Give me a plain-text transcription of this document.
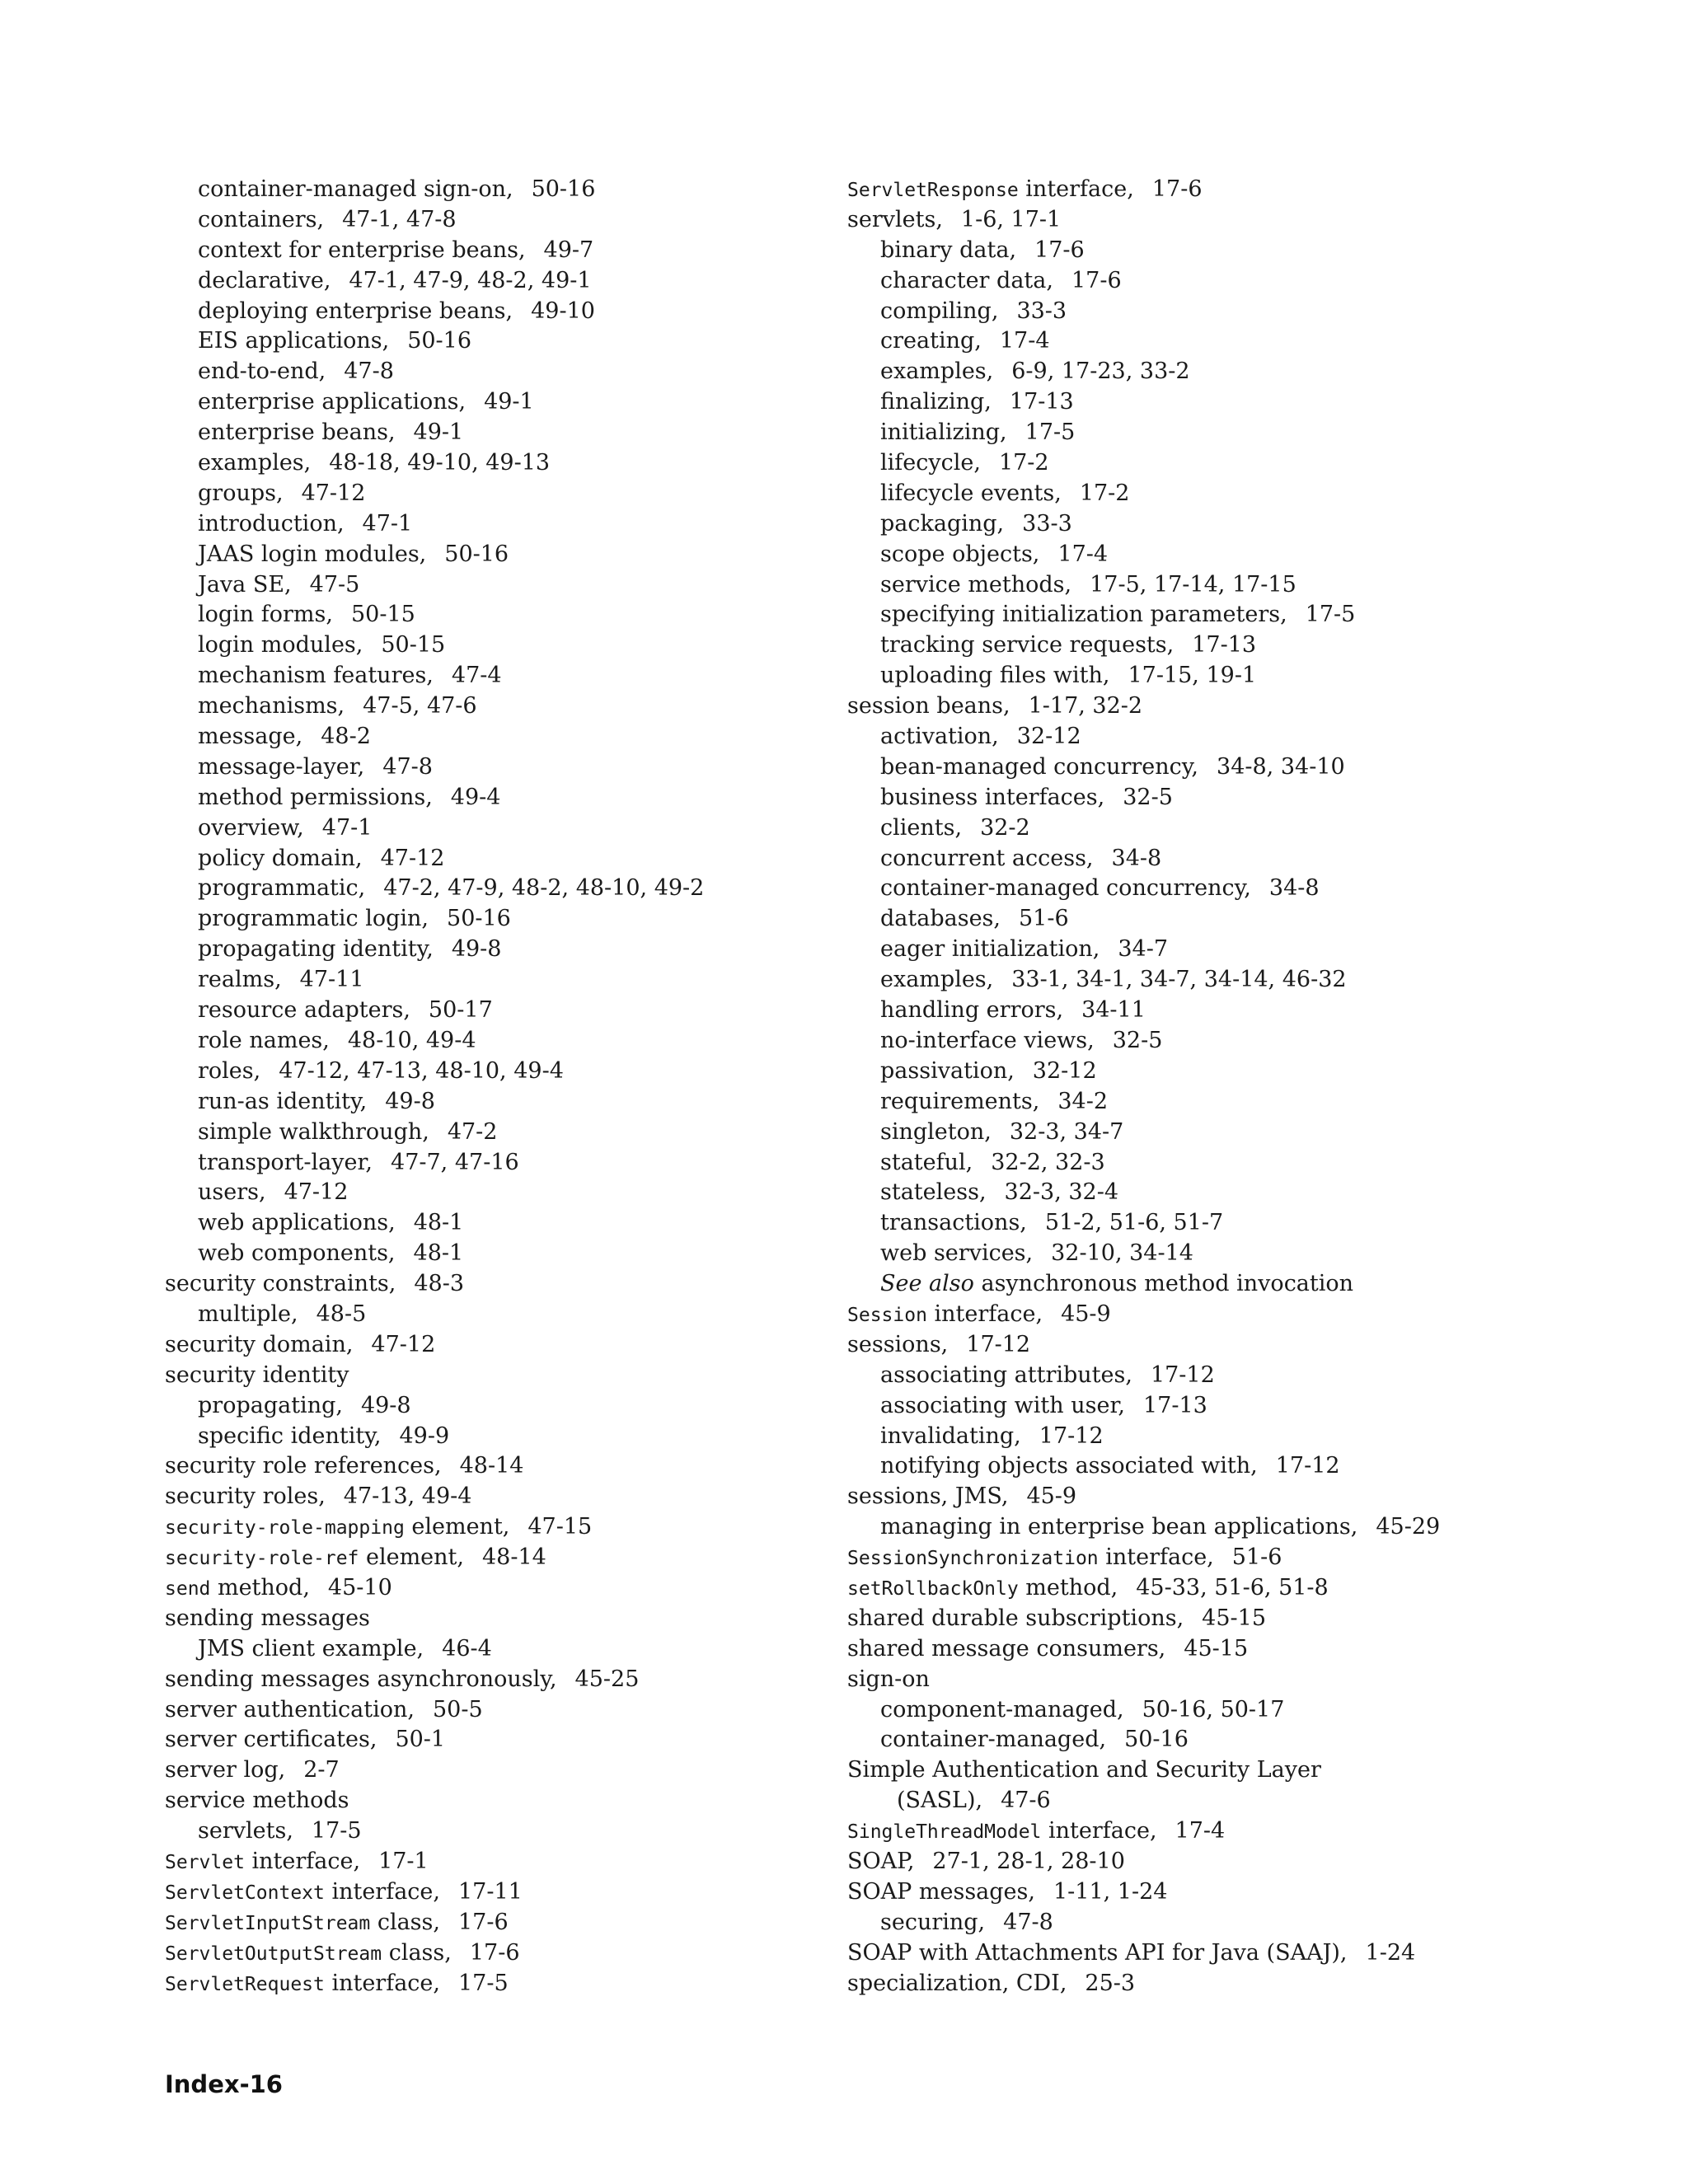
container-managed sign-on, 50-16
containers, 47-1, 47-8
context for enterprise beans, 49-7
declarative, 47-1, 47-9, 48-2, 49-1
deploying enterprise beans, 49-10
EIS applications, 50-16
end-to-end, 47-8
enterprise applications, 49-1
enterprise beans, 49-1
examples, 48-18, 49-10, 49-13
groups, 47-12
introduction, 47-1
JAAS login modules, 50-16
Java SE, 47-5
login forms, 50-15
login modules, 50-15
mechanism features, 47-4
mechanisms, 47-5, 47-6
message, 48-2
message-layer, 47-8
method permissions, 49-4
overview, 47-1
policy domain, 47-12
programmatic, 47-2, 47-9, 48-2, 48-10, 49-2
programmatic login, 50-16
propagating identity, 49-8
realms, 47-11
resource adapters, 50-17
role names, 48-10, 49-4
roles, 47-12, 47-13, 48-10, 49-4
run-as identity, 49-8
simple walkthrough, 47-2
transport-layer, 47-7, 47-16
users, 47-12
web applications, 48-1
web components, 48-1
security constraints, 48-3
multiple, 48-5
security domain, 47-12
security identity
propagating, 49-8
specific identity, 49-9
security role references, 48-14
security roles, 47-13, 49-4
security-role-mapping element, 47-15
security-role-ref element, 48-14
send method, 45-10
sending messages
JMS client example, 46-4
sending messages asynchronously, 45-25
server authentication, 50-5
server certificates, 50-1
server log, 2-7
service methods
servlets, 17-5
Servlet interface, 17-1
ServletContext interface, 17-11
ServletInputStream class, 17-6
ServletOutputStream class, 17-6
ServletRequest interface, 17-5
ServletResponse interface, 17-6
servlets, 1-6, 17-1
binary data, 17-6
character data, 17-6
compiling, 33-3
creating, 17-4
examples, 6-9, 17-23, 33-2
finalizing, 17-13
initializing, 17-5
lifecycle, 17-2
lifecycle events, 17-2
packaging, 33-3
scope objects, 17-4
service methods, 17-5, 17-14, 17-15
specifying initialization parameters, 17-5
tracking service requests, 17-13
uploading files with, 17-15, 19-1
session beans, 1-17, 32-2
activation, 32-12
bean-managed concurrency, 34-8, 34-10
business interfaces, 32-5
clients, 32-2
concurrent access, 34-8
container-managed concurrency, 34-8
databases, 51-6
eager initialization, 34-7
examples, 33-1, 34-1, 34-7, 34-14, 46-32
handling errors, 34-11
no-interface views, 32-5
passivation, 32-12
requirements, 34-2
singleton, 32-3, 34-7
stateful, 32-2, 32-3
stateless, 32-3, 32-4
transactions, 51-2, 51-6, 51-7
web services, 32-10, 34-14
See also asynchronous method invocation
Session interface, 45-9
sessions, 17-12
associating attributes, 17-12
associating with user, 17-13
invalidating, 17-12
notifying objects associated with, 17-12
sessions, JMS, 45-9
managing in enterprise bean applications, 45-29
SessionSynchronization interface, 51-6
setRollbackOnly method, 45-33, 51-6, 51-8
shared durable subscriptions, 45-15
shared message consumers, 45-15
sign-on
component-managed, 50-16, 50-17
container-managed, 50-16
Simple Authentication and Security Layer
(SASL), 47-6
SingleThreadModel interface, 17-4
SOAP, 27-1, 28-1, 28-10
SOAP messages, 1-11, 1-24
securing, 47-8
SOAP with Attachments API for Java (SAAJ), 1-24
specialization, CDI, 25-3
Index-16
